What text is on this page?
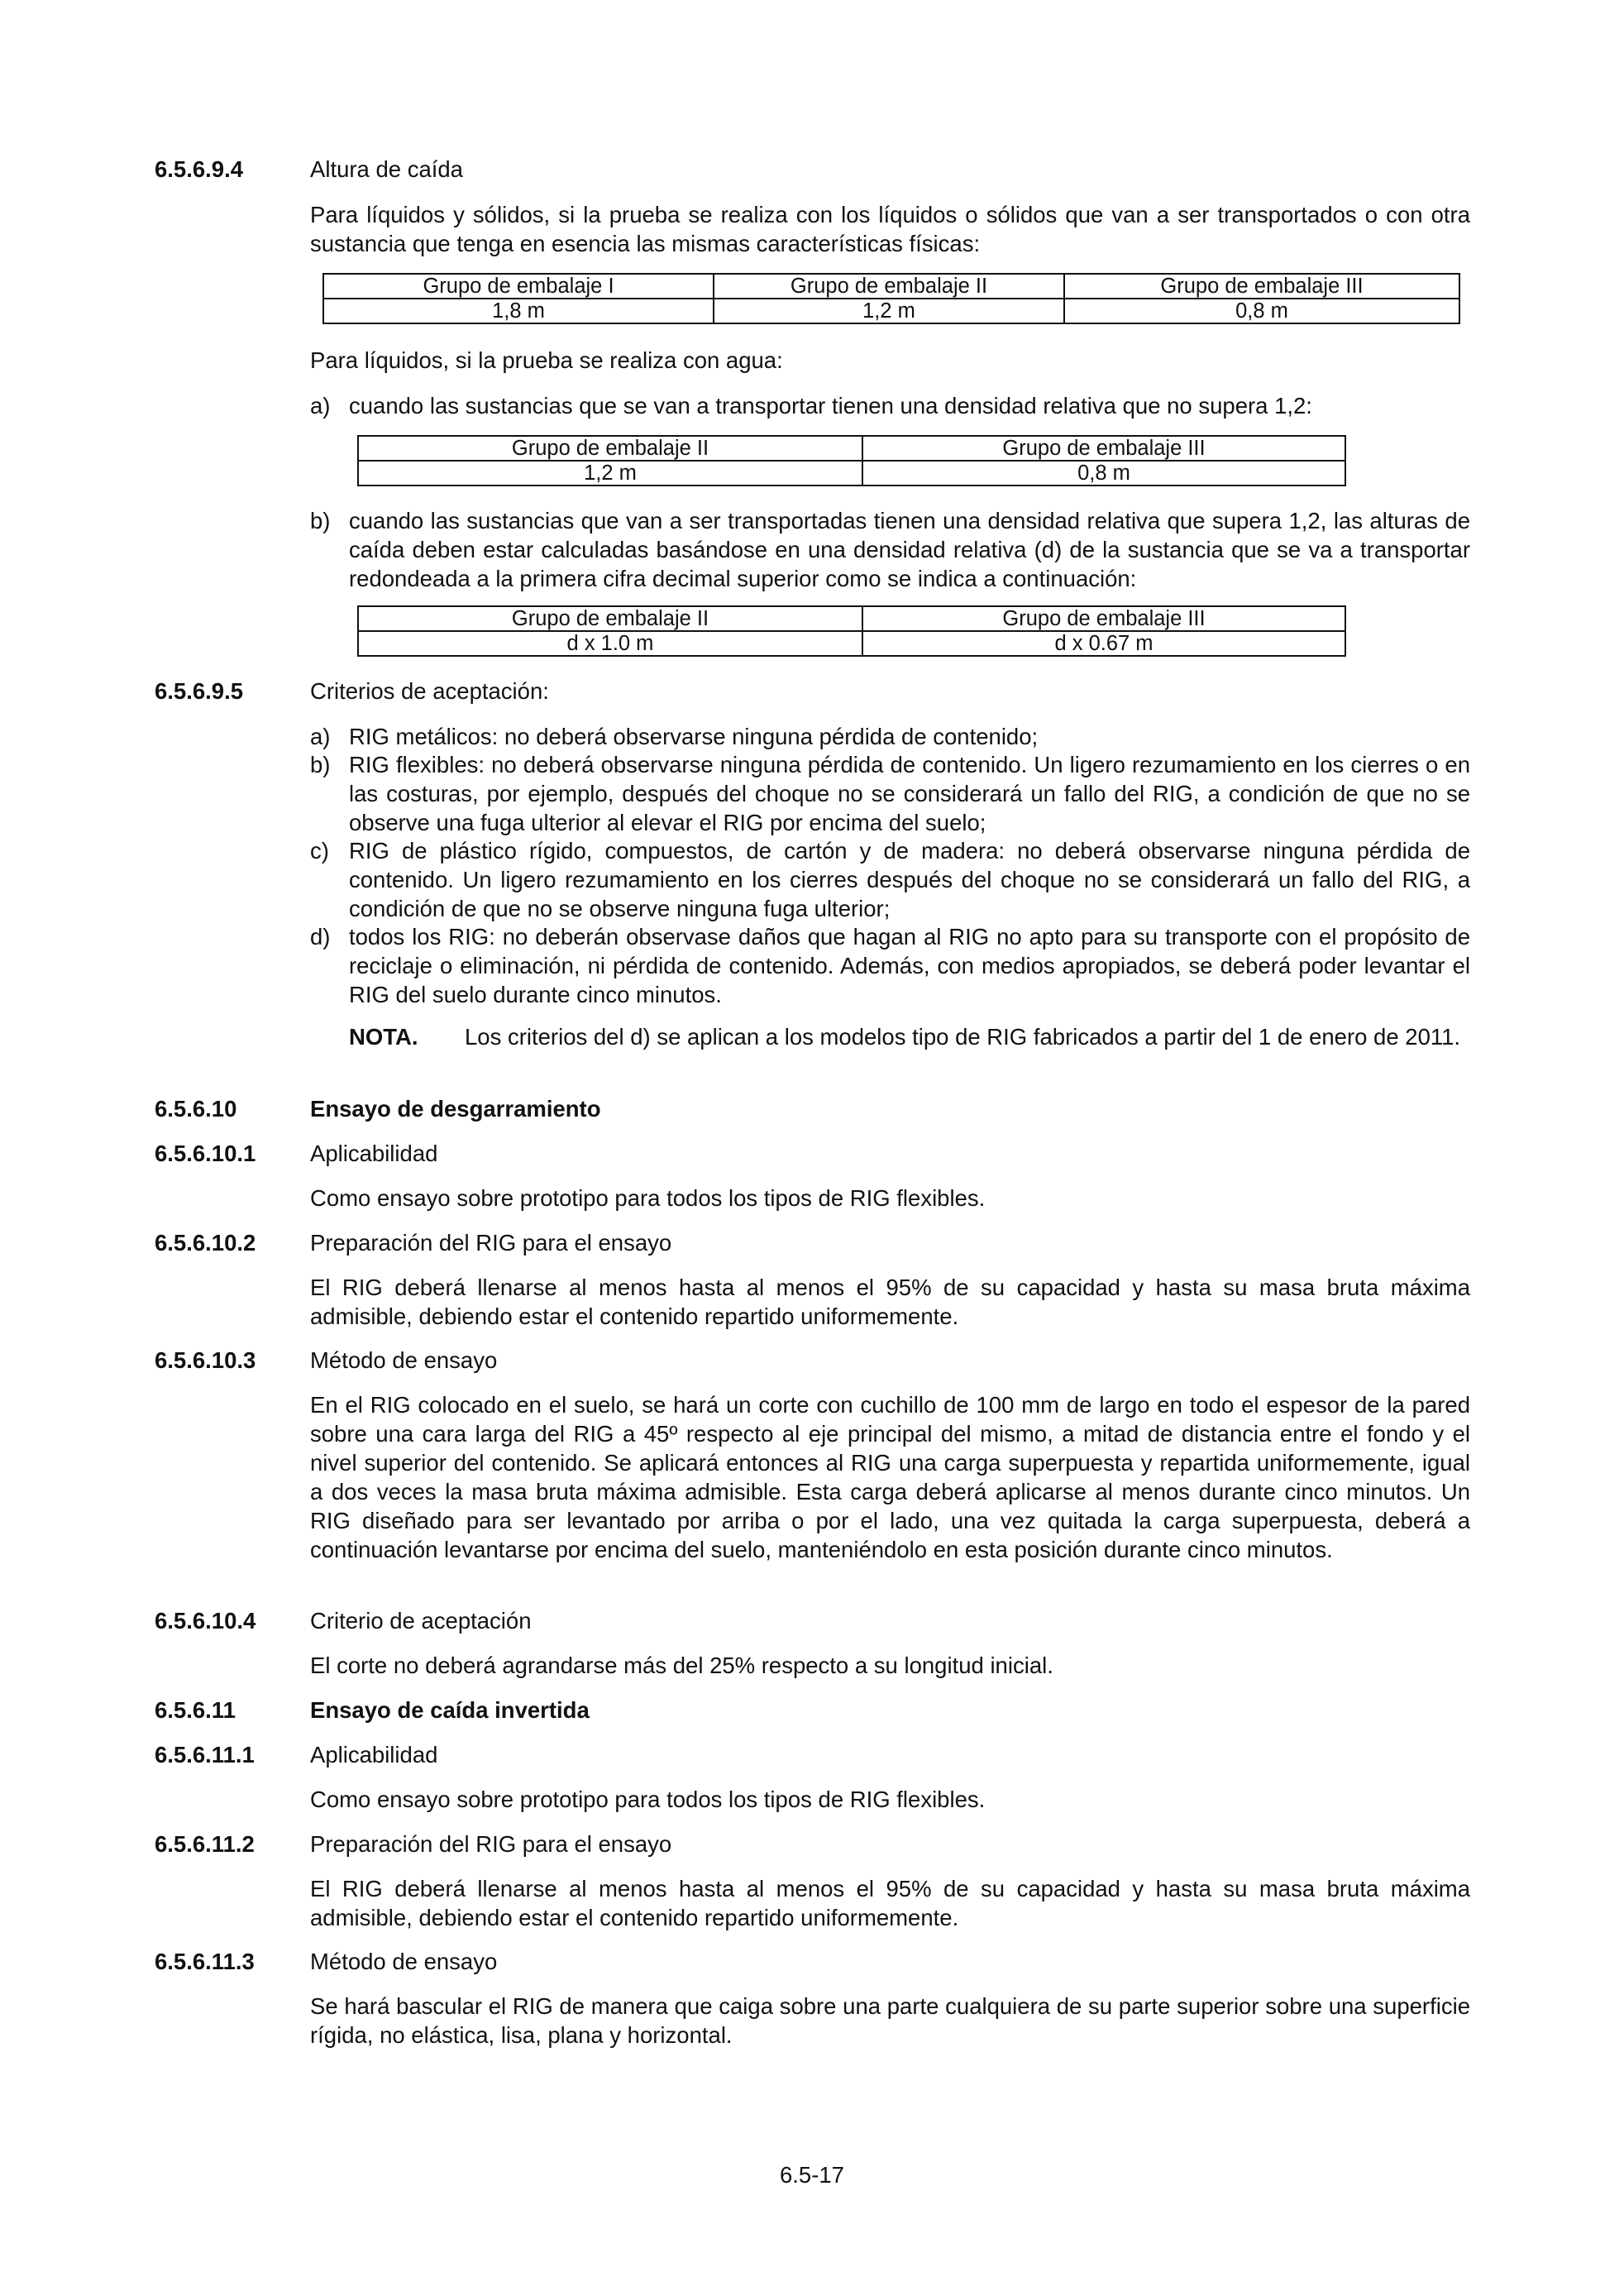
6.5.6.9.4	Altura de caída
Para líquidos y sólidos, si la prueba se realiza con los líquidos o sólidos que van a ser transportados o con otra sustancia que tenga en esencia las mismas características físicas:
Grupo de embalaje I	Grupo de embalaje II	Grupo de embalaje III
1,8 m	1,2 m	0,8 m
Para líquidos, si la prueba se realiza con agua:
a) cuando las sustancias que se van a transportar tienen una densidad relativa que no supera 1,2:
Grupo de embalaje II	Grupo de embalaje III
1,2 m	0,8 m
b) cuando las sustancias que van a ser transportadas tienen una densidad relativa que supera 1,2, las alturas de caída deben estar calculadas basándose en una densidad relativa (d) de la sustancia que se va a transportar redondeada a la primera cifra decimal superior como se indica a continuación:
Grupo de embalaje II	Grupo de embalaje III
d x 1.0 m	d x 0.67 m
6.5.6.9.5	Criterios de aceptación:
a) RIG metálicos: no deberá observarse ninguna pérdida de contenido;
b) RIG flexibles: no deberá observarse ninguna pérdida de contenido. Un ligero rezumamiento en los cierres o en las costuras, por ejemplo, después del choque no se considerará un fallo del RIG, a condición de que no se observe una fuga ulterior al elevar el RIG por encima del suelo;
c) RIG de plástico rígido, compuestos, de cartón y de madera: no deberá observarse ninguna pérdida de contenido. Un ligero rezumamiento en los cierres después del choque no se considerará un fallo del RIG, a condición de que no se observe ninguna fuga ulterior;
d) todos los RIG: no deberán observase daños que hagan al RIG no apto para su transporte con el propósito de reciclaje o eliminación, ni pérdida de contenido. Además, con medios apropiados, se deberá poder levantar el RIG del suelo durante cinco minutos.
NOTA. Los criterios del d) se aplican a los modelos tipo de RIG fabricados a partir del 1 de enero de 2011.
6.5.6.10	Ensayo de desgarramiento
6.5.6.10.1 Aplicabilidad
Como ensayo sobre prototipo para todos los tipos de RIG flexibles.
6.5.6.10.2 Preparación del RIG para el ensayo
El RIG deberá llenarse al menos hasta al menos el 95% de su capacidad y hasta su masa bruta máxima admisible, debiendo estar el contenido repartido uniformemente.
6.5.6.10.3 Método de ensayo
En el RIG colocado en el suelo, se hará un corte con cuchillo de 100 mm de largo en todo el espesor de la pared sobre una cara larga del RIG a 45º respecto al eje principal del mismo, a mitad de distancia entre el fondo y el nivel superior del contenido. Se aplicará entonces al RIG una carga superpuesta y repartida uniformemente, igual a dos veces la masa bruta máxima admisible. Esta carga deberá aplicarse al menos durante cinco minutos. Un RIG diseñado para ser levantado por arriba o por el lado, una vez quitada la carga superpuesta, deberá a continuación levantarse por encima del suelo, manteniéndolo en esta posición durante cinco minutos.
6.5.6.10.4 Criterio de aceptación
El corte no deberá agrandarse más del 25% respecto a su longitud inicial.
6.5.6.11	Ensayo de caída invertida
6.5.6.11.1 Aplicabilidad
Como ensayo sobre prototipo para todos los tipos de RIG flexibles.
6.5.6.11.2 Preparación del RIG para el ensayo
El RIG deberá llenarse al menos hasta al menos el 95% de su capacidad y hasta su masa bruta máxima admisible, debiendo estar el contenido repartido uniformemente.
6.5.6.11.3 Método de ensayo
Se hará bascular el RIG de manera que caiga sobre una parte cualquiera de su parte superior sobre una superficie rígida, no elástica, lisa, plana y horizontal.
6.5-17
